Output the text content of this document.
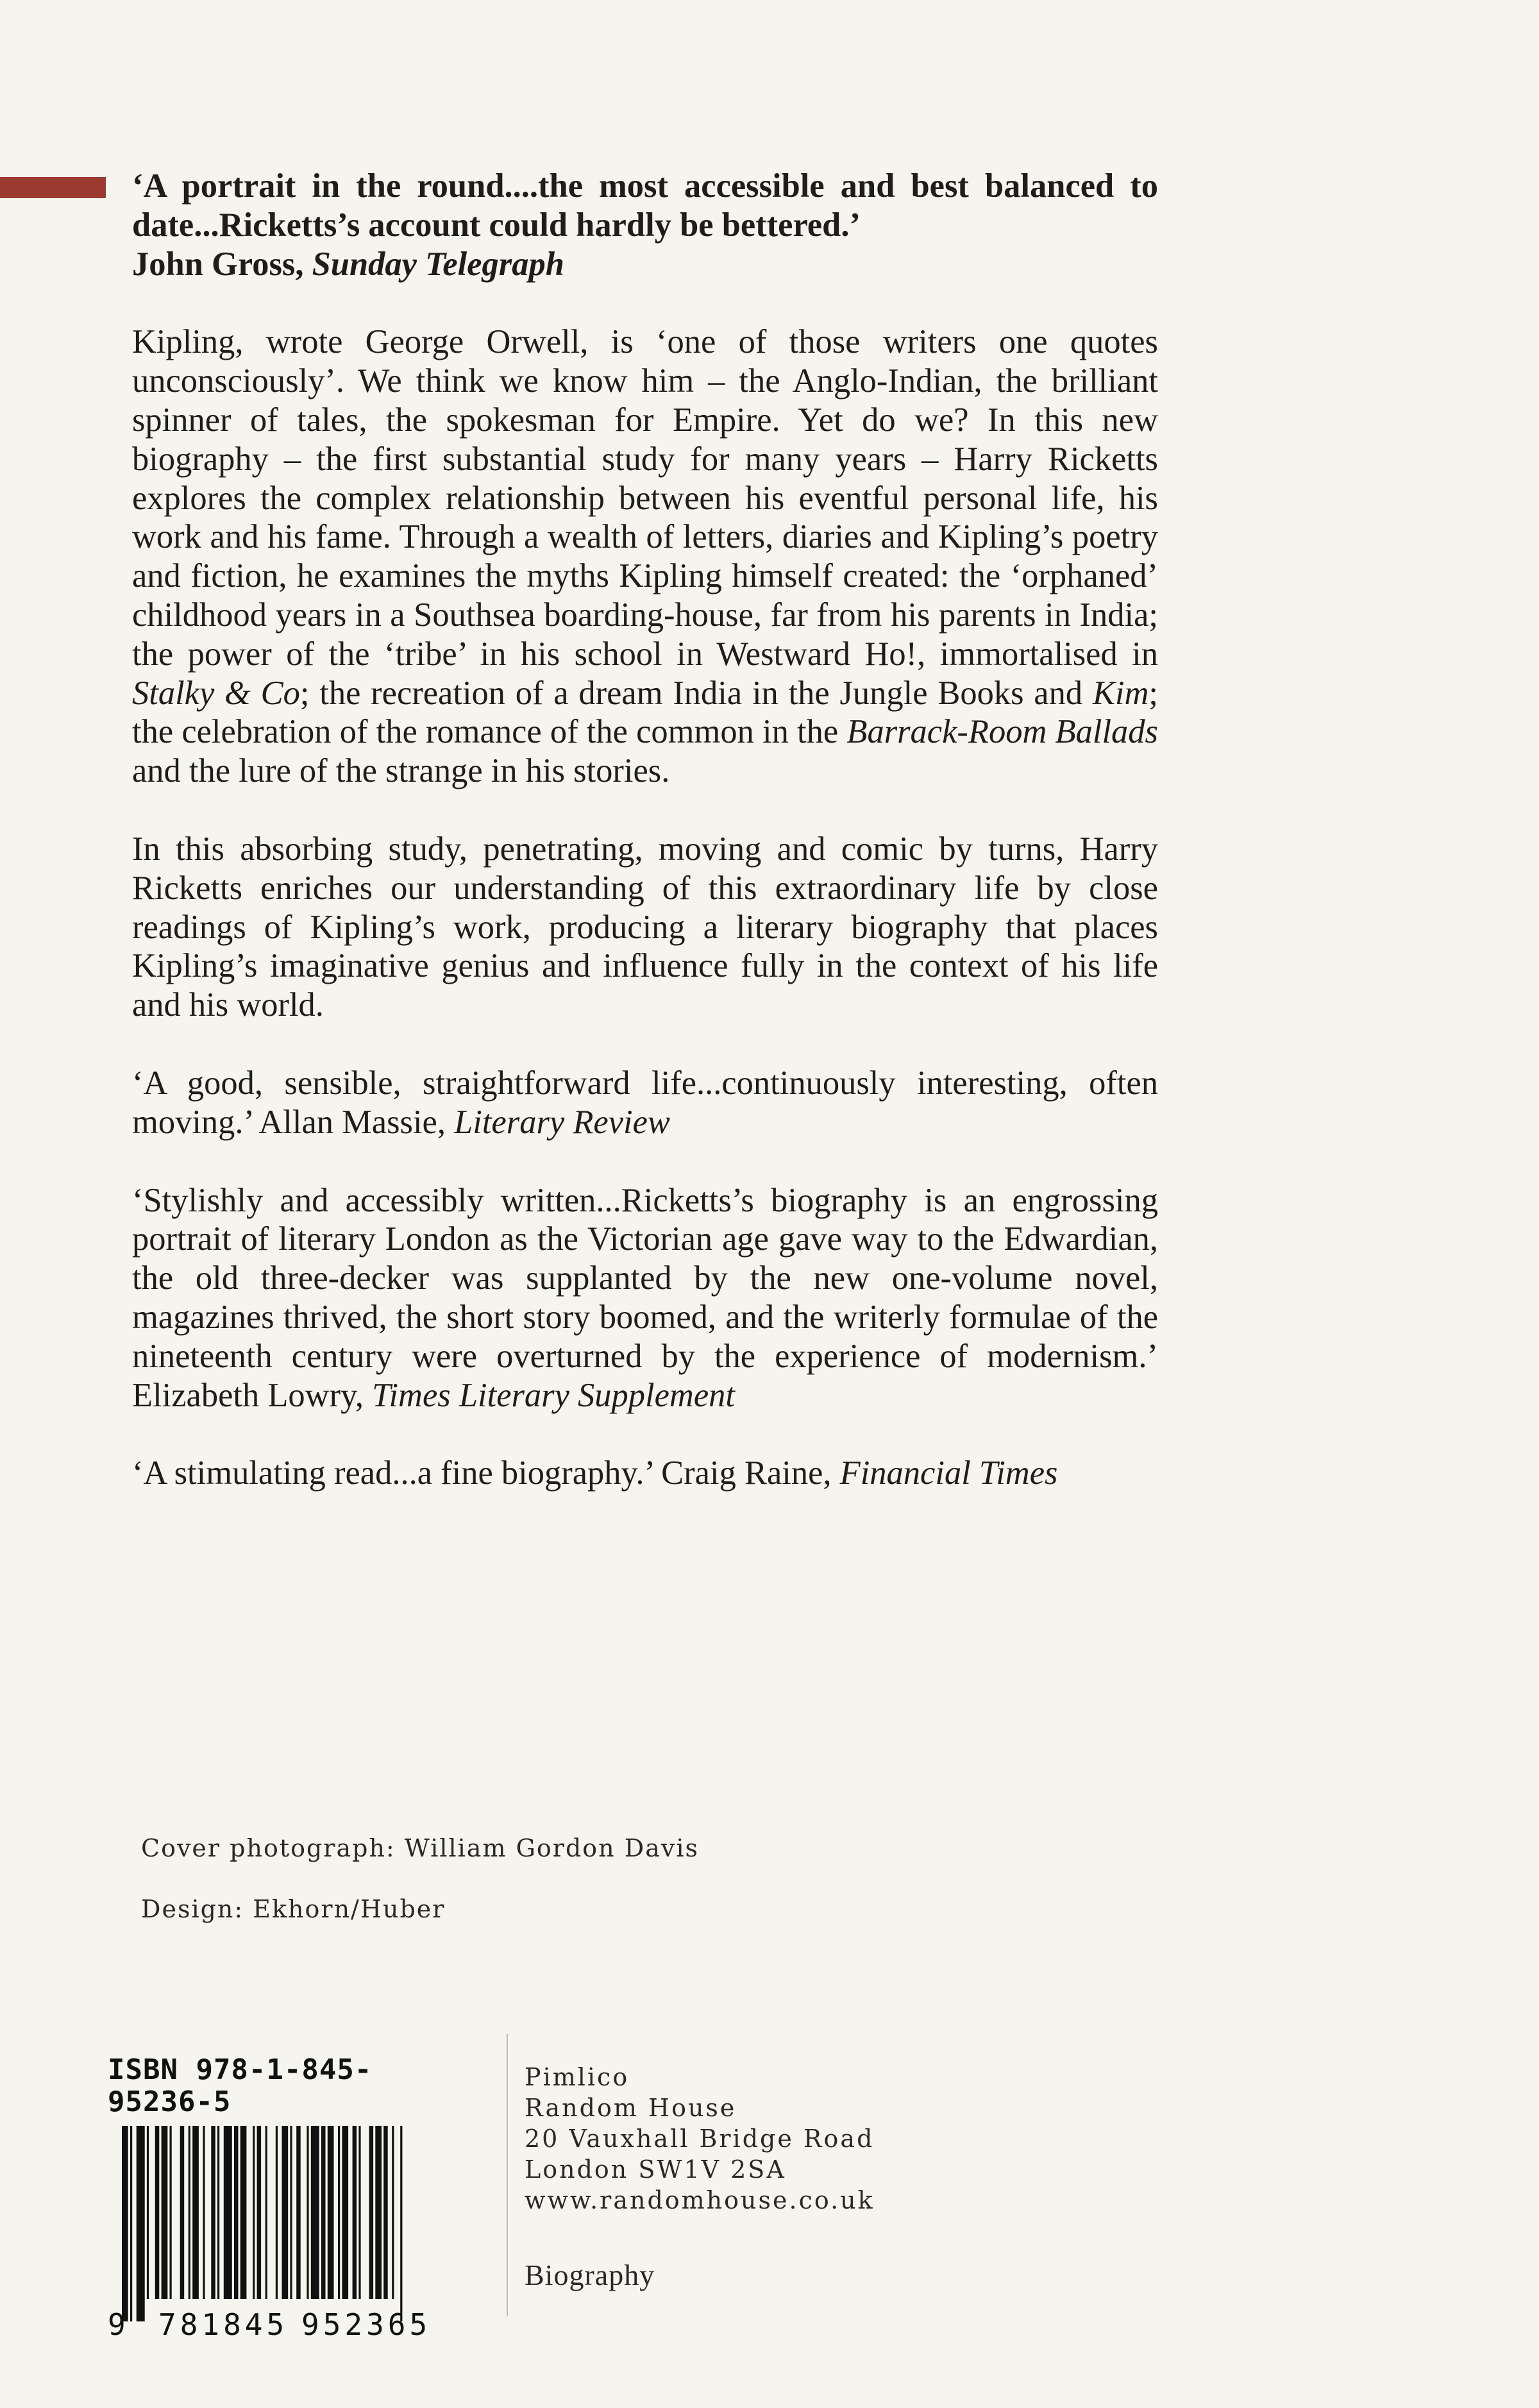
‘A portrait in the round....the most accessible and best balanced to

date...Ricketts’s account could hardly be bettered.’

John Gross, Sunday Telegraph

Kipling, wrote George Orwell, is ‘one of those writers one quotes unconsciously’. We think we know him – the Anglo-Indian, the brilliant spinner of tales, the spokesman for Empire. Yet do we? In this new biography – the first substantial study for many years – Harry Ricketts explores the complex relationship between his eventful personal life, his work and his fame. Through a wealth of letters, diaries and Kipling’s poetry and fiction, he examines the myths Kipling himself created: the ‘orphaned’ childhood years in a Southsea boarding-house, far from his parents in India; the power of the ‘tribe’ in his school in Westward Ho!, immortalised in Stalky & Co; the recreation of a dream India in the Jungle Books and Kim; the celebration of the romance of the common in the Barrack-Room Ballads and the lure of the strange in his stories.

In this absorbing study, penetrating, moving and comic by turns, Harry Ricketts enriches our understanding of this extraordinary life by close readings of Kipling’s work, producing a literary biography that places Kipling’s imaginative genius and influence fully in the context of his life and his world.

‘A good, sensible, straightforward life...continuously interesting, often moving.’ Allan Massie, Literary Review

‘Stylishly and accessibly written...Ricketts’s biography is an engrossing portrait of literary London as the Victorian age gave way to the Edwardian, the old three-decker was supplanted by the new one-volume novel, magazines thrived, the short story boomed, and the writerly formulae of the nineteenth century were overturned by the experience of modernism.’ Elizabeth Lowry, Times Literary Supplement

‘A stimulating read...a fine biography.’ Craig Raine, Financial Times

Cover photograph: William Gordon Davis
Design: Ekhorn/Huber
ISBN 978-1-845-95236-5
9 781845 952365
Pimlico
Random House
20 Vauxhall Bridge Road
London SW1V 2SA
www.randomhouse.co.uk
Biography
